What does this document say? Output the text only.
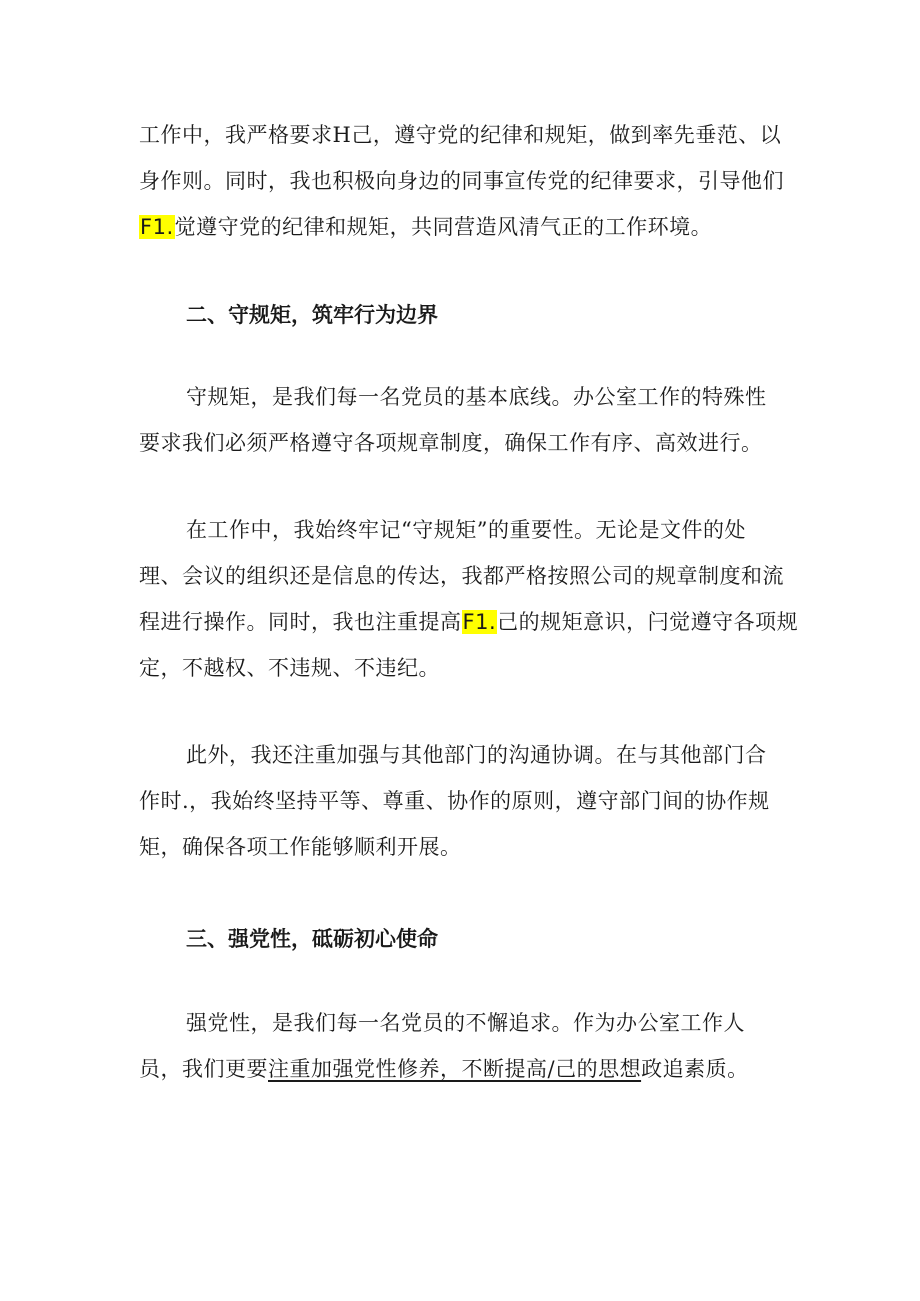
工作中，我严格要求H己，遵守党的纪律和规矩，做到率先垂范、以
身作则。同时，我也积极向身边的同事宣传党的纪律要求，引导他们
F1.觉遵守党的纪律和规矩，共同营造风清气正的工作环境。
二、守规矩，筑牢行为边界
守规矩，是我们每一名党员的基本底线。办公室工作的特殊性
要求我们必须严格遵守各项规章制度，确保工作有序、高效进行。
在工作中，我始终牢记“守规矩”的重要性。无论是文件的处
理、会议的组织还是信息的传达，我都严格按照公司的规章制度和流
程进行操作。同时，我也注重提高F1.己的规矩意识，闩觉遵守各项规
定，不越权、不违规、不违纪。
此外，我还注重加强与其他部门的沟通协调。在与其他部门合
作时.，我始终坚持平等、尊重、协作的原则，遵守部门间的协作规
矩，确保各项工作能够顺利开展。
三、强党性，砥砺初心使命
强党性，是我们每一名党员的不懈追求。作为办公室工作人
员，我们更要注重加强党性修养，不断提高/己的思想政追素质。
